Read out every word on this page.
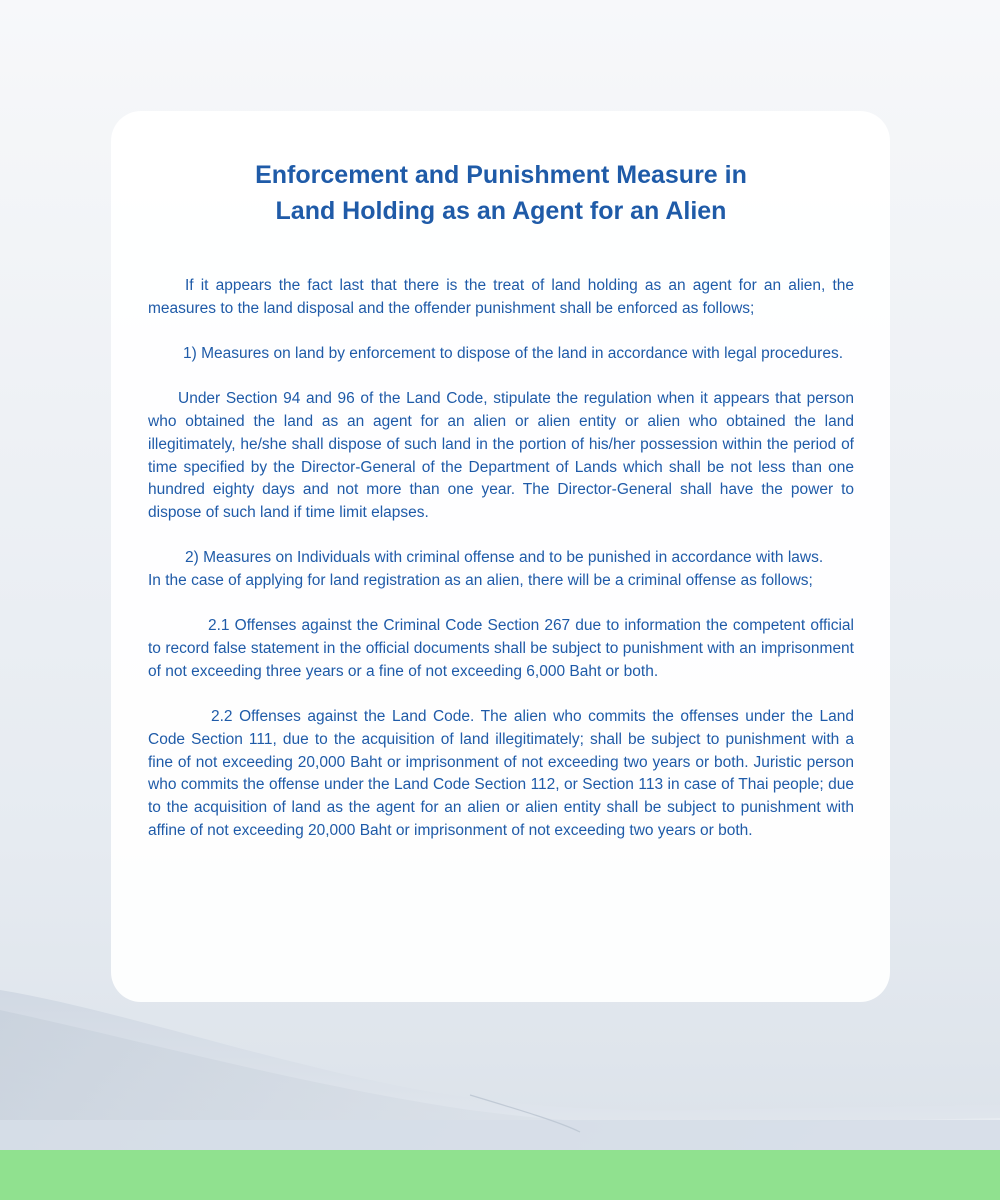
Enforcement and Punishment Measure in
Land Holding as an Agent for an Alien

If it appears the fact last that there is the treat of land holding as an agent for an alien, the measures to the land disposal and the offender punishment shall be enforced as follows;

1) Measures on land by enforcement to dispose of the land in accordance with legal procedures.

Under Section 94 and 96 of the Land Code, stipulate the regulation when it appears that person who obtained the land as an agent for an alien or alien entity or alien who obtained the land illegitimately, he/she shall dispose of such land in the portion of his/her possession within the period of time specified by the Director-General of the Department of Lands which shall be not less than one hundred eighty days and not more than one year. The Director-General shall have the power to dispose of such land if time limit elapses.

2) Measures on Individuals with criminal offense and to be punished in accordance with laws.

In the case of applying for land registration as an alien, there will be a criminal offense as follows;

2.1 Offenses against the Criminal Code Section 267 due to information the competent official to record false statement in the official documents shall be subject to punishment with an imprisonment of not exceeding three years or a fine of not exceeding 6,000 Baht or both.

2.2 Offenses against the Land Code. The alien who commits the offenses under the Land Code Section 111, due to the acquisition of land illegitimately; shall be subject to punishment with a fine of not exceeding 20,000 Baht or imprisonment of not exceeding two years or both. Juristic person who commits the offense under the Land Code Section 112, or Section 113 in case of Thai people; due to the acquisition of land as the agent for an alien or alien entity shall be subject to punishment with affine of not exceeding 20,000 Baht or imprisonment of not exceeding two years or both.
